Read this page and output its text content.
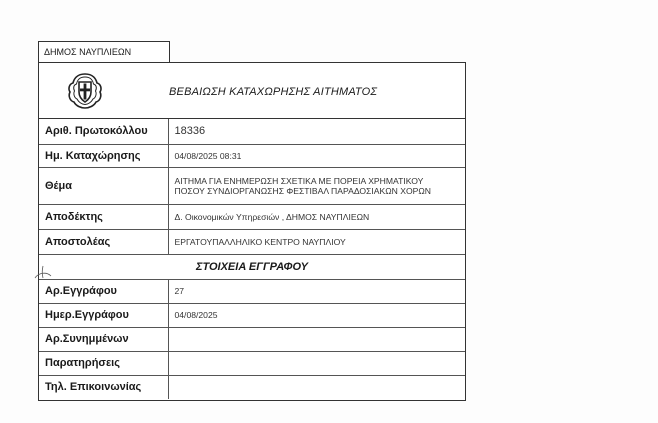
ΔΗΜΟΣ ΝΑΥΠΛΙΕΩΝ
ΒΕΒΑΙΩΣΗ ΚΑΤΑΧΩΡΗΣΗΣ ΑΙΤΗΜΑΤΟΣ
Αριθ. Πρωτοκόλλου	18336
Ημ. Καταχώρησης	04/08/2025 08:31
Θέμα	ΑΙΤΗΜΑ ΓΙΑ ΕΝΗΜΕΡΩΣΗ ΣΧΕΤΙΚΑ ΜΕ ΠΟΡΕΙΑ ΧΡΗΜΑΤΙΚΟΥ
ΠΟΣΟΥ ΣΥΝΔΙΟΡΓΑΝΩΣΗΣ ΦΕΣΤΙΒΑΛ ΠΑΡΑΔΟΣΙΑΚΩΝ ΧΟΡΩΝ

Αποδέκτης	Δ. Οικονομικών Υπηρεσιών , ΔΗΜΟΣ ΝΑΥΠΛΙΕΩΝ
Αποστολέας	ΕΡΓΑΤΟΥΠΑΛΛΗΛΙΚΟ ΚΕΝΤΡΟ ΝΑΥΠΛΙΟΥ

ΣΤΟΙΧΕΙΑ ΕΓΓΡΑΦΟΥ	
Αρ.Εγγράφου	27
Ημερ.Εγγράφου	04/08/2025
Αρ.Συνημμένων	
Παρατηρήσεις	
Τηλ. Επικοινωνίας	
